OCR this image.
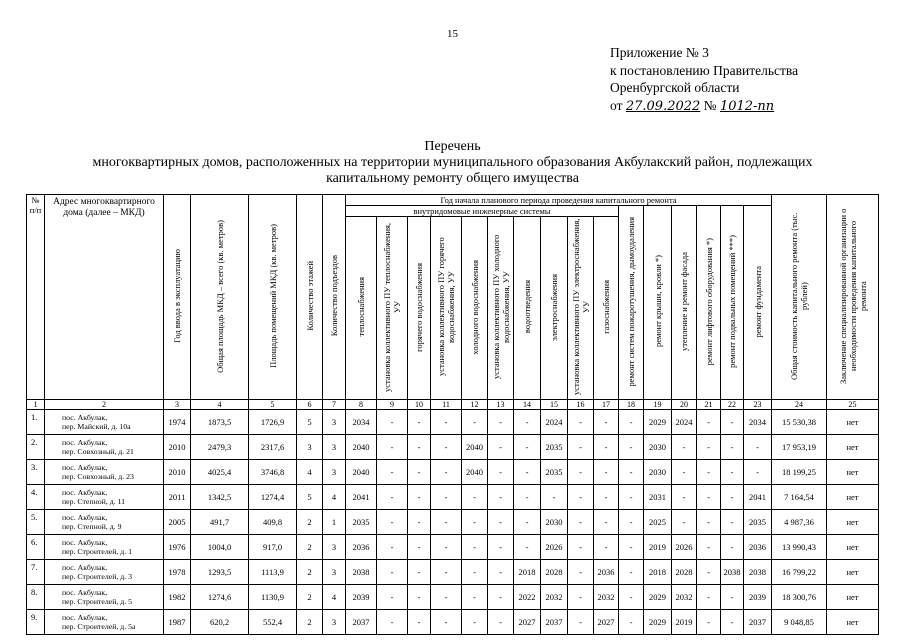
15
Приложение № 3
к постановлению Правительства
Оренбургской области
от 27.09.2022 № 1012-пп
Перечень
многоквартирных домов, расположенных на территории муниципального образования Акбулакский район, подлежащих
капитальному ремонту общего имущества
№ п/п	Адрес многоквартирного дома (далее – МКД)	Год ввода в эксплуатацию	Общая площадь МКД – всего (кв. метров)	Площадь помещений МКД (кв. метров)	Количество этажей	Количество подъездов	Год начала планового периода проведения капитального ремонта																Общая стоимость капитального ремонта (тыс. рублей)	Заключение специализированной организации о необходимости проведения капитального ремонта
							внутридомовые инженерные системы										ремонт систем пожаротушения, дымоудаления	ремонт крыши, кровли *)	утепление и ремонт фасада	ремонт лифтового оборудования *)	ремонт подвальных помещений ***)	ремонт фундамента		
							теплоснабжения	установка коллективного ПУ теплоснабжения, УУ	горячего водоснабжения	установка коллективного ПУ горячего водоснабжения, УУ	холодного водоснабжения	установка коллективного ПУ холодного водоснабжения, УУ	водоотведения	электроснабжения	установка коллективного ПУ электроснабжения, УУ	газоснабжения								
1	2	3	4	5	6	7	8	9	10	11	12	13	14	15	16	17	18	19	20	21	22	23	24	25
1.	пос. Акбулак,
пер. Майский, д. 10а	1974	1873,5	1726,9	5	3	2034	-	-	-	-	-	-	2024	-	-	-	2029	2024	-	-	2034	15 530,38	нет
2.	пос. Акбулак,
пер. Совхозный, д. 21	2010	2479,3	2317,6	3	3	2040	-	-	-	2040	-	-	2035	-	-	-	2030	-	-	-	-	17 953,19	нет
3.	пос. Акбулак,
пер. Совхозный, д. 23	2010	4025,4	3746,8	4	3	2040	-	-	-	2040	-	-	2035	-	-	-	2030	-	-	-	-	18 199,25	нет
4.	пос. Акбулак,
пер. Степной, д. 11	2011	1342,5	1274,4	5	4	2041	-	-	-	-	-	-	-	-	-	-	2031	-	-	-	2041	7 164,54	нет
5.	пос. Акбулак,
пер. Степной, д. 9	2005	491,7	409,8	2	1	2035	-	-	-	-	-	-	2030	-	-	-	2025	-	-	-	2035	4 987,36	нет
6.	пос. Акбулак,
пер. Строителей, д. 1	1976	1004,0	917,0	2	3	2036	-	-	-	-	-	-	2026	-	-	-	2019	2026	-	-	2036	13 990,43	нет
7.	пос. Акбулак,
пер. Строителей, д. 3	1978	1293,5	1113,9	2	3	2038	-	-	-	-	-	2018	2028	-	2036	-	2018	2028	-	2038	2038	16 799,22	нет
8.	пос. Акбулак,
пер. Строителей, д. 5	1982	1274,6	1130,9	2	4	2039	-	-	-	-	-	2022	2032	-	2032	-	2029	2032	-	-	2039	18 300,76	нет
9.	пос. Акбулак,
пер. Строителей, д. 5а	1987	620,2	552,4	2	3	2037	-	-	-	-	-	2027	2037	-	2027	-	2029	2019	-	-	2037	9 048,85	нет
